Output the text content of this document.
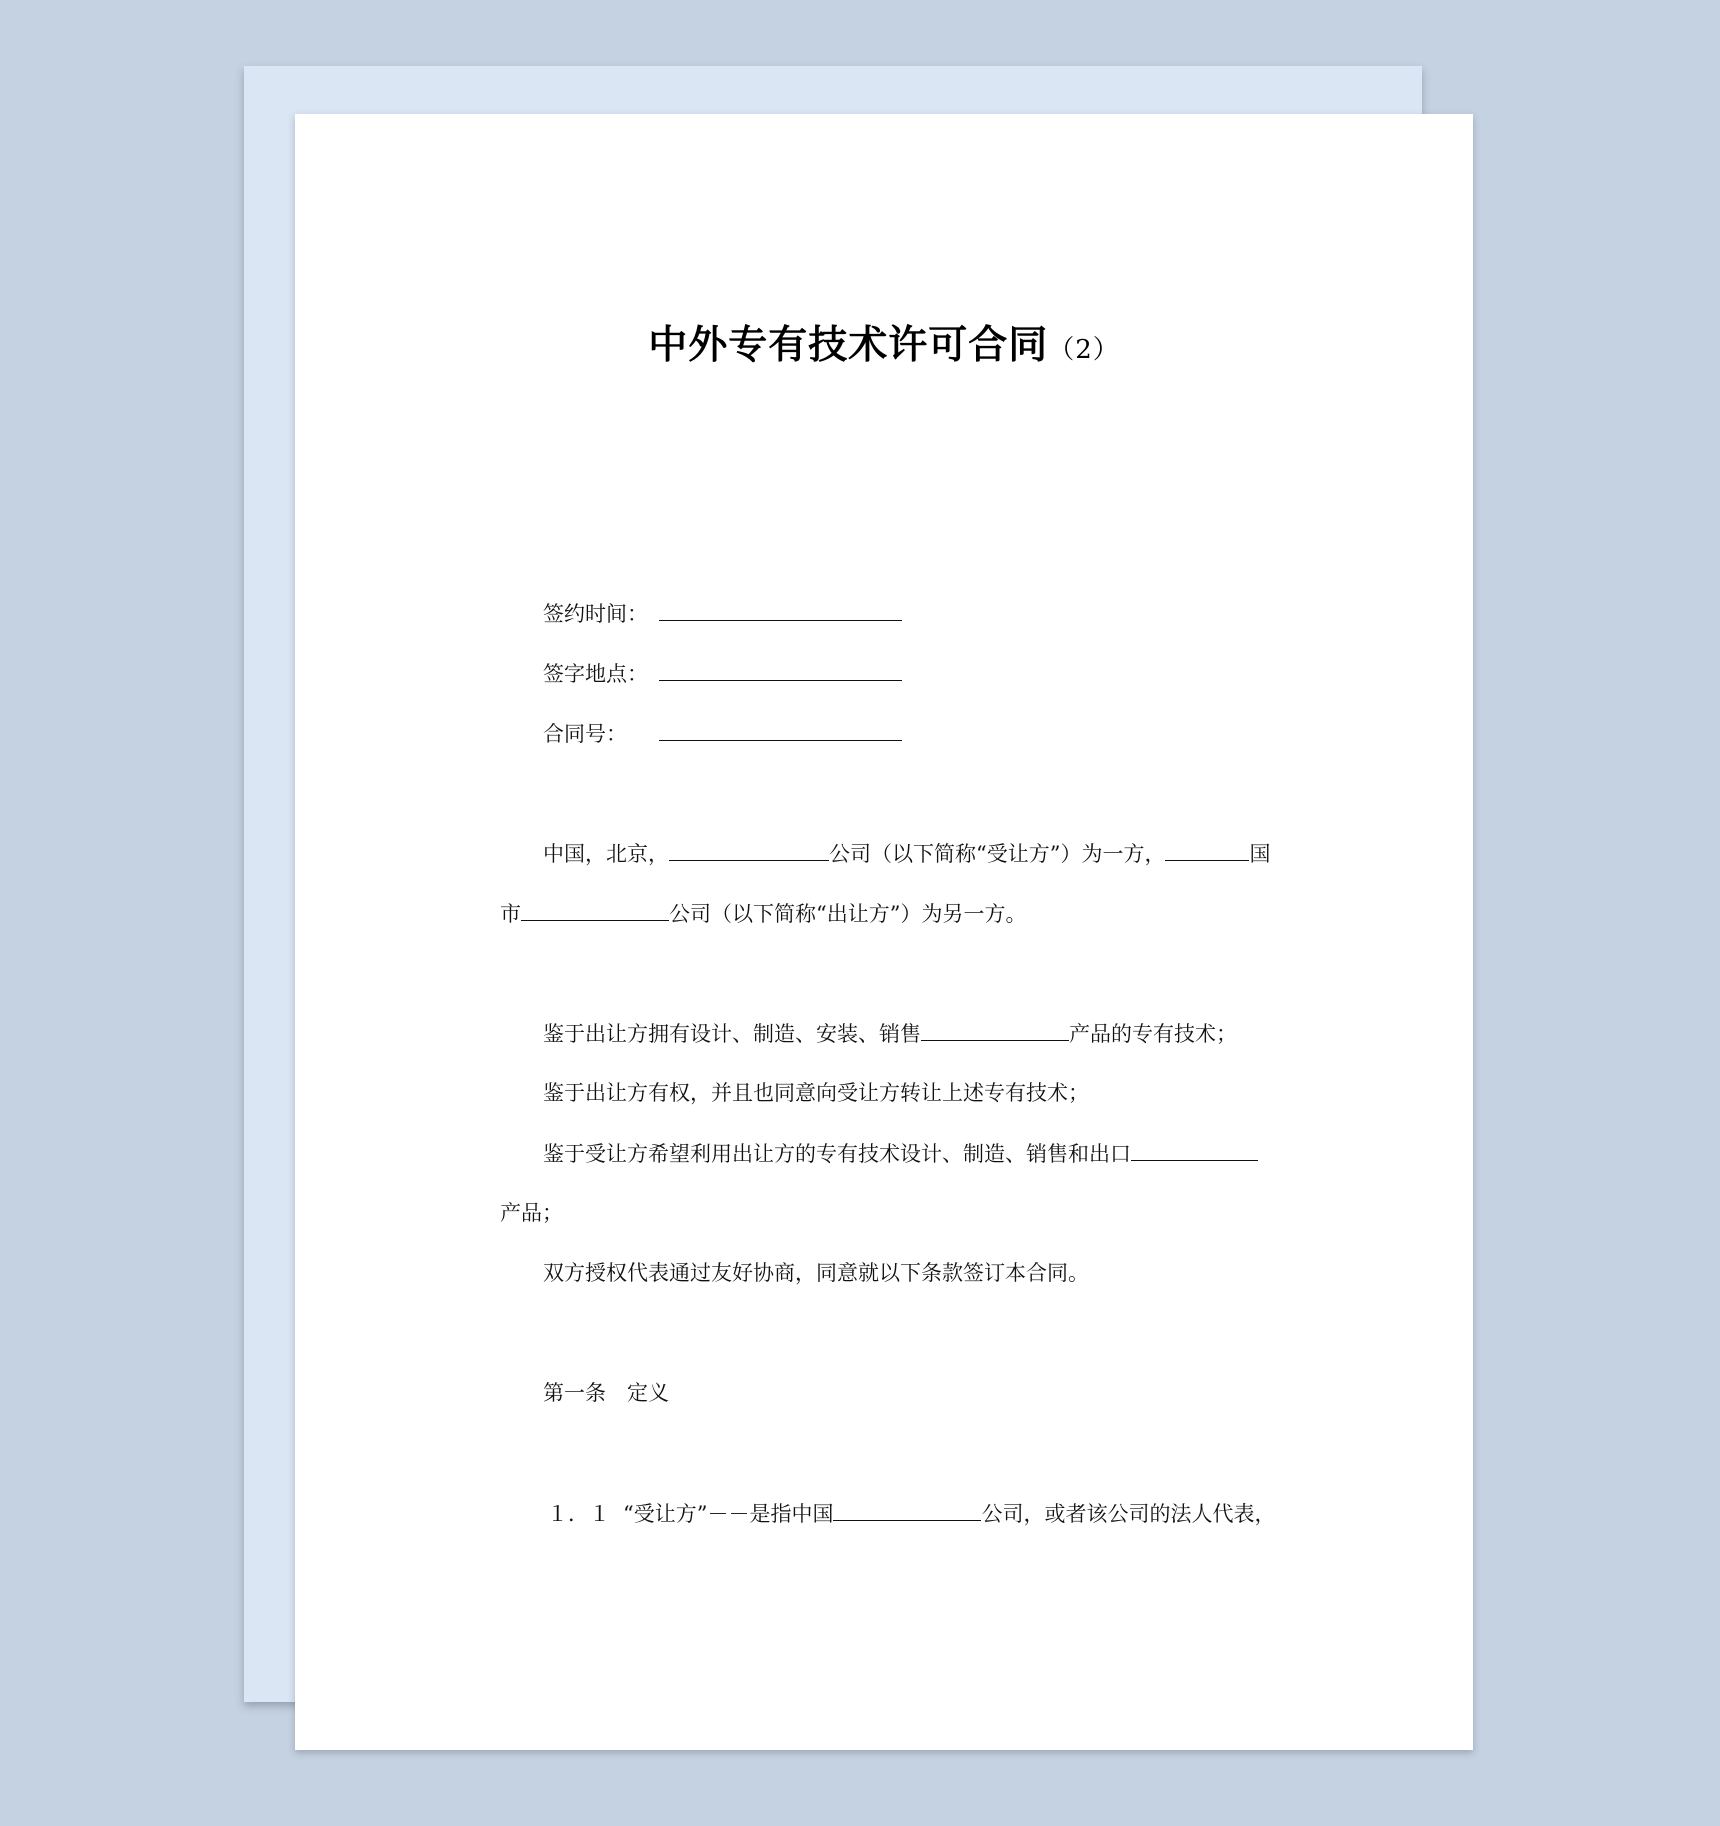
中外专有技术许可合同（2）
签约时间：
签字地点：
合同号：
中国，北京，	公司（以下简称“受让方”）为一方，	国
市	公司（以下简称“出让方”）为另一方。
鉴于出让方拥有设计、制造、安装、销售	产品的专有技术；
鉴于出让方有权，并且也同意向受让方转让上述专有技术；
鉴于受让方希望利用出让方的专有技术设计、制造、销售和出口
产品；
双方授权代表通过友好协商，同意就以下条款签订本合同。
第一条　定义
１．１ “受让方”－－是指中国	公司，或者该公司的法人代表，
